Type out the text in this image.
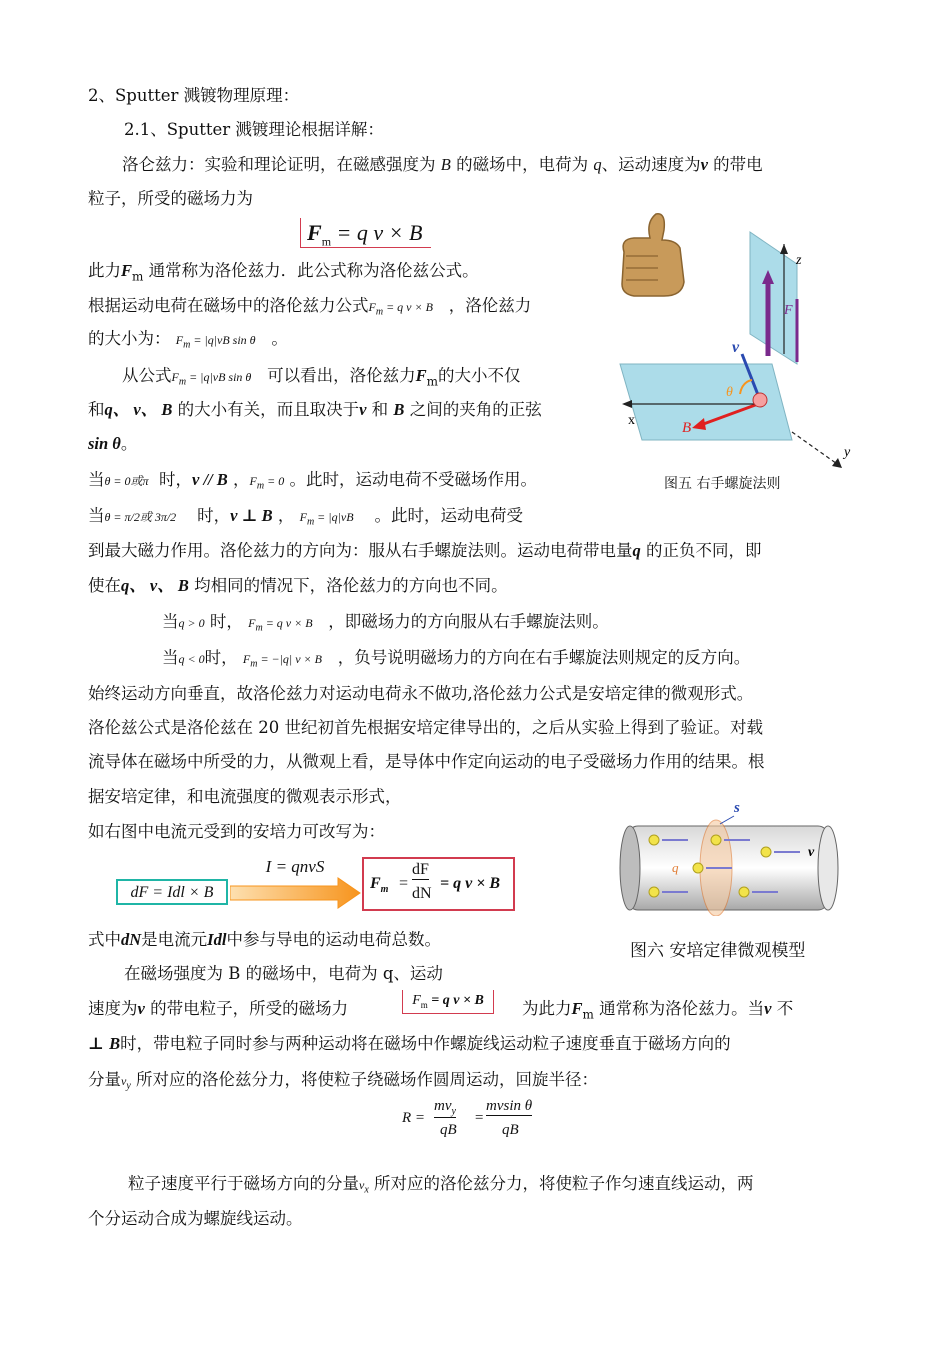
2、Sputter 溅镀物理原理：
2.1、Sputter 溅镀理论根据详解：
洛仑兹力：实验和理论证明，在磁感强度为 B 的磁场中，电荷为 q、运动速度为v 的带电
粒子，所受的磁场力为
$F_m = q$ v × B
此力$F_m$ 通常称为洛伦兹力．此公式称为洛伦兹公式。
根据运动电荷在磁场中的洛伦兹力公式$F_m = q$ v × B ，洛伦兹力
的大小为： $F_m = |q|vB$ sin θ 。
从公式$F_m = |q|vB$ sin θ 可以看出，洛伦兹力$F_m$的大小不仅
和q、 v、 B 的大小有关，而且取决于v 和 B 之间的夹角的正弦
sin θ。
当θ = 0或π 时，v // B ，$F_m = 0$ 。此时，运动电荷不受磁场作用。
当θ = π/2或 3π/2 时，v ⊥ B ， $F_m = |q|vB$ 。此时，运动电荷受
到最大磁力作用。洛伦兹力的方向为：服从右手螺旋法则。运动电荷带电量q 的正负不同，即
使在q、 v、 B 均相同的情况下，洛伦兹力的方向也不同。
当q > 0 时， $F_m = q$ v × B ，即磁场力的方向服从右手螺旋法则。
当q < 0时， $F_m = -|q|$ v × B ，负号说明磁场力的方向在右手螺旋法则规定的反方向。
始终运动方向垂直，故洛伦兹力对运动电荷永不做功,洛伦兹力公式是安培定律的微观形式。
洛伦兹公式是洛伦兹在 20 世纪初首先根据安培定律导出的，之后从实验上得到了验证。对载
流导体在磁场中所受的力，从微观上看，是导体中作定向运动的电子受磁场力作用的结果。根
据安培定律，和电流强度的微观表示形式，
如右图中电流元受到的安培力可改写为：
dF = Idl × B
I = qnvS
$F_m$ =
dF
dN
= q v × B
式中dN是电流元Idl中参与导电的运动电荷总数。
在磁场强度为 B 的磁场中，电荷为 q、运动
速度为v 的带电粒子，所受的磁场力	$F_m = q$ v × B	为此力$F_m$ 通常称为洛伦兹力。当v 不
⊥ B时，带电粒子同时参与两种运动将在磁场中作螺旋线运动粒子速度垂直于磁场方向的
分量$v_y$ 所对应的洛伦兹分力，将使粒子绕磁场作圆周运动，回旋半径：
R =
$mv_y$
qB
=
mvsin θ
qB
粒子速度平行于磁场方向的分量$v_x$ 所对应的洛伦兹分力，将使粒子作匀速直线运动，两
个分运动合成为螺旋线运动。
z
F
v
θ
B
x
y
图五 右手螺旋法则
s
q
v
图六 安培定律微观模型
